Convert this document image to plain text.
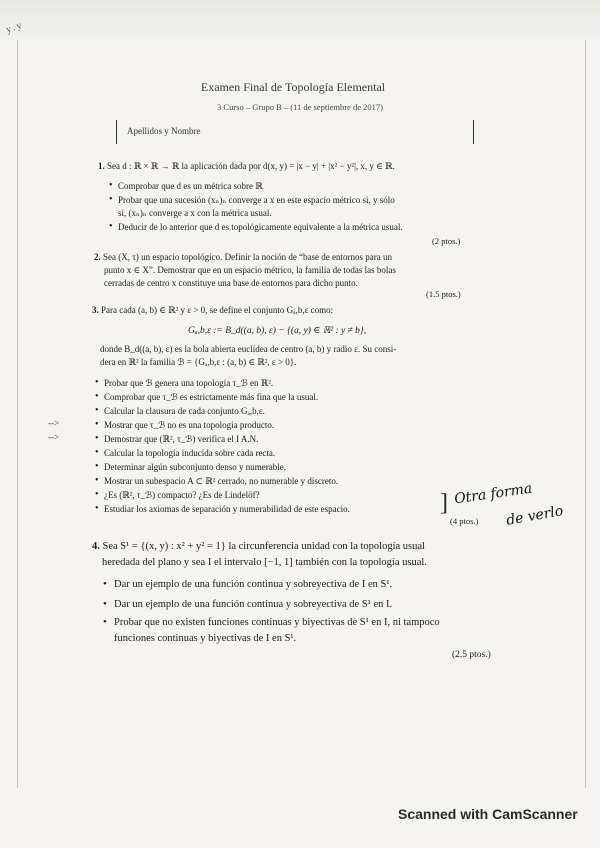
y.y
Examen Final de Topología Elemental
3 Curso – Grupo B – (11 de septiembre de 2017)
Apellidos y Nombre
1. Sea d : ℝ × ℝ → ℝ la aplicación dada por d(x, y) = |x − y| + |x² − y²|, x, y ∈ ℝ.
• Comprobar que d es un métrica sobre ℝ
• Probar que una sucesión (xₙ)ₙ converge a x en este espacio métrico si, y sólo
si, (xₙ)ₙ converge a x con la métrica usual.
• Deducir de lo anterior que d es topológicamente equivalente a la métrica usual.
(2 ptos.)
2. Sea (X, τ) un espacio topológico. Definir la noción de “base de entornos para un
punto x ∈ X”. Demostrar que en un espacio métrico, la familia de todas las bolas
cerradas de centro x constituye una base de entornos para dicho punto.
(1.5 ptos.)
3. Para cada (a, b) ∈ ℝ² y ε > 0, se define el conjunto Gₐ,b,ε como:
Gₐ,b,ε := B_d((a, b), ε) − {(a, y) ∈ ℝ² : y ≠ b},
donde B_d((a, b), ε) es la bola abierta euclídea de centro (a, b) y radio ε. Su consi-
dera en ℝ² la familia ℬ = {Gₐ,b,ε : (a, b) ∈ ℝ², ε > 0}.
• Probar que ℬ genera una topología τ_ℬ en ℝ².
• Comprobar que τ_ℬ es estrictamente más fina que la usual.
• Calcular la clausura de cada conjunto Gₐ,b,ε.
-->	• Mostrar que τ_ℬ no es una topología producto.
-->	• Demostrar que (ℝ², τ_ℬ) verifica el I A.N.
• Calcular la topología inducida sobre cada recta.
• Determinar algún subconjunto denso y numerable.
• Mostrar un subespacio A ⊂ ℝ² cerrado, no numerable y discreto.
• ¿Es (ℝ², τ_ℬ) compacto? ¿Es de Lindelöf?
• Estudiar los axiomas de separación y numerabilidad de este espacio.	]
(4 ptos.)
Otra forma
de verlo
4. Sea S¹ = {(x, y) : x² + y² = 1} la circunferencia unidad con la topología usual
heredada del plano y sea I el intervalo [−1, 1] también con la topología usual.
• Dar un ejemplo de una función continua y sobreyectiva de I en S¹.
• Dar un ejemplo de una función continua y sobreyectiva de S¹ en I.
• Probar que no existen funciones continuas y biyectivas de S¹ en I, ni tampoco
funciones continuas y biyectivas de I en S¹.
(2.5 ptos.)
Scanned with CamScanner
